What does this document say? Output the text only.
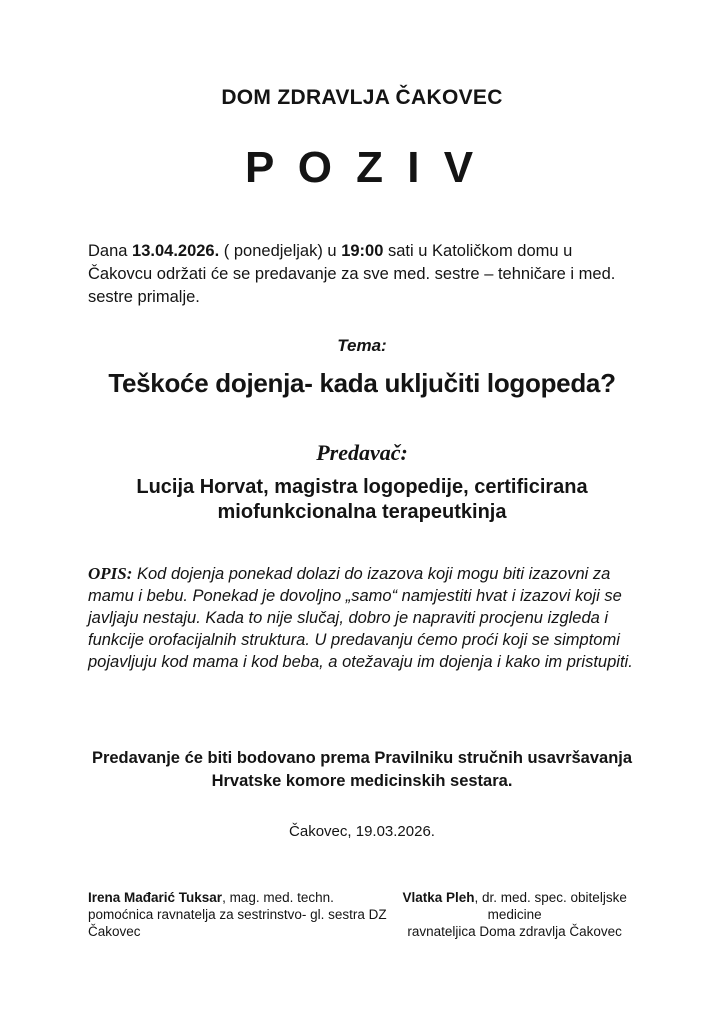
DOM ZDRAVLJA ČAKOVEC
P O Z I V

Dana 13.04.2026. ( ponedjeljak) u 19:00 sati u Katoličkom domu u Čakovcu održati će se predavanje za sve med. sestre – tehničare i med. sestre primalje.

Tema:

Teškoće dojenja- kada uključiti logopeda?

Predavač:

Lucija Horvat, magistra logopedije, certificirana
miofunkcionalna terapeutkinja

OPIS: Kod dojenja ponekad dolazi do izazova koji mogu biti izazovni za mamu i bebu. Ponekad je dovoljno „samo“ namjestiti hvat i izazovi koji se javljaju nestaju. Kada to nije slučaj, dobro je napraviti procjenu izgleda i funkcije orofacijalnih struktura. U predavanju ćemo proći koji se simptomi pojavljuju kod mama i kod beba, a otežavaju im dojenja i kako im pristupiti.

Predavanje će biti bodovano prema Pravilniku stručnih usavršavanja
Hrvatske komore medicinskih sestara.

Čakovec, 19.03.2026.

Irena Mađarić Tuksar, mag. med. techn.

pomoćnica ravnatelja za sestrinstvo- gl. sestra DZ Čakovec

Vlatka Pleh, dr. med. spec. obiteljske medicine

ravnateljica Doma zdravlja Čakovec
